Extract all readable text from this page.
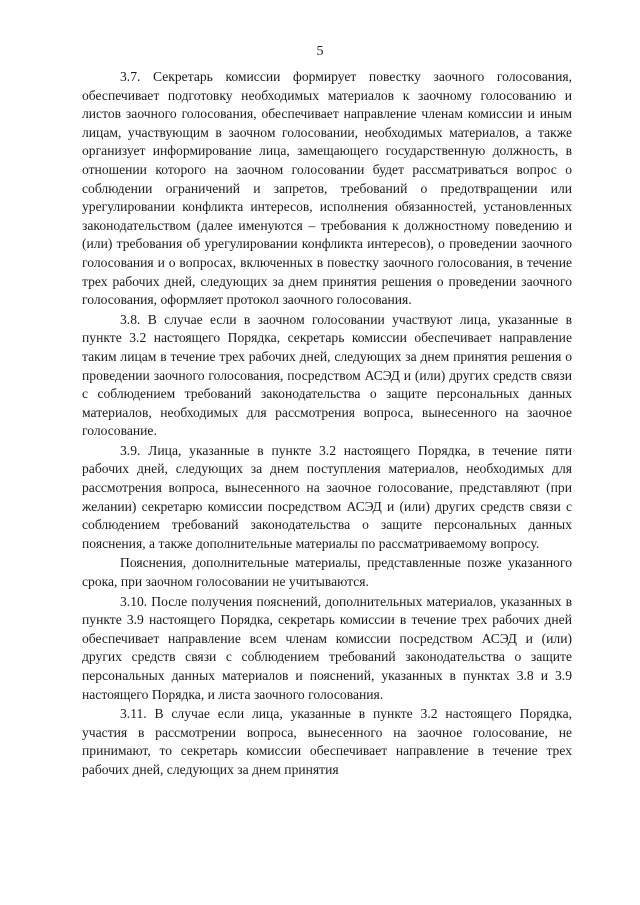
5

3.7. Секретарь комиссии формирует повестку заочного голосования, обеспечивает подготовку необходимых материалов к заочному голосованию и листов заочного голосования, обеспечивает направление членам комиссии и иным лицам, участвующим в заочном голосовании, необходимых материалов, а также организует информирование лица, замещающего государственную должность, в отношении которого на заочном голосовании будет рассматриваться вопрос о соблюдении ограничений и запретов, требований о предотвращении или урегулировании конфликта интересов, исполнения обязанностей, установленных законодательством (далее именуются – требования к должностному поведению и (или) требования об урегулировании конфликта интересов), о проведении заочного голосования и о вопросах, включенных в повестку заочного голосования, в течение трех рабочих дней, следующих за днем принятия решения о проведении заочного голосования, оформляет протокол заочного голосования.

3.8. В случае если в заочном голосовании участвуют лица, указанные в пункте 3.2 настоящего Порядка, секретарь комиссии обеспечивает направление таким лицам в течение трех рабочих дней, следующих за днем принятия решения о проведении заочного голосования, посредством АСЭД и (или) других средств связи с соблюдением требований законодательства о защите персональных данных материалов, необходимых для рассмотрения вопроса, вынесенного на заочное голосование.

3.9. Лица, указанные в пункте 3.2 настоящего Порядка, в течение пяти рабочих дней, следующих за днем поступления материалов, необходимых для рассмотрения вопроса, вынесенного на заочное голосование, представляют (при желании) секретарю комиссии посредством АСЭД и (или) других средств связи с соблюдением требований законодательства о защите персональных данных пояснения, а также дополнительные материалы по рассматриваемому вопросу.

Пояснения, дополнительные материалы, представленные позже указанного срока, при заочном голосовании не учитываются.

3.10. После получения пояснений, дополнительных материалов, указанных в пункте 3.9 настоящего Порядка, секретарь комиссии в течение трех рабочих дней обеспечивает направление всем членам комиссии посредством АСЭД и (или) других средств связи с соблюдением требований законодательства о защите персональных данных материалов и пояснений, указанных в пунктах 3.8 и 3.9 настоящего Порядка, и листа заочного голосования.

3.11. В случае если лица, указанные в пункте 3.2 настоящего Порядка, участия в рассмотрении вопроса, вынесенного на заочное голосование, не принимают, то секретарь комиссии обеспечивает направление в течение трех рабочих дней, следующих за днем принятия
